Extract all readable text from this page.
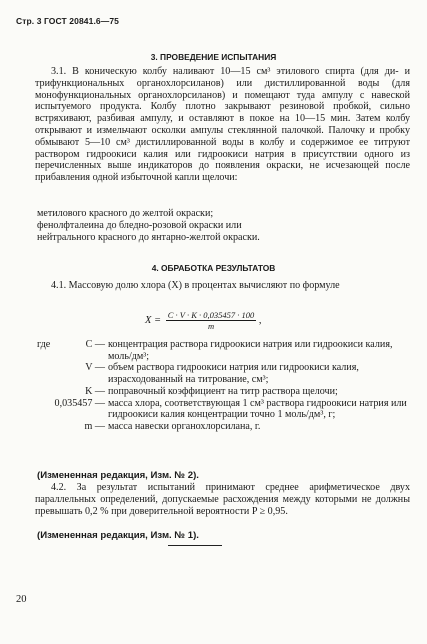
Стр. 3 ГОСТ 20841.6—75
3. ПРОВЕДЕНИЕ ИСПЫТАНИЯ
3.1. В коническую колбу наливают 10—15 см³ этилового спирта (для ди- и трифункциональных органохлорсиланов) или дистиллированной воды (для монофункциональных органохлорсиланов) и помещают туда ампулу с навеской испытуемого продукта. Колбу плотно закрывают резиновой пробкой, сильно встряхивают, разбивая ампулу, и оставляют в покое на 10—15 мин. Затем колбу открывают и измельчают осколки ампулы стеклянной палочкой. Палочку и пробку обмывают 5—10 см³ дистиллированной воды в колбу и содержимое ее титруют раствором гидроокиси калия или гидроокиси натрия в присутствии одного из перечисленных выше индикаторов до появления окраски, не исчезающей после прибавления одной избыточной капли щелочи:
метилового красного до желтой окраски;
фенолфталеина до бледно-розовой окраски или
нейтрального красного до янтарно-желтой окраски.
4. ОБРАБОТКА РЕЗУЛЬТАТОВ
4.1. Массовую долю хлора (X) в процентах вычисляют по формуле
$X = \frac{C \cdot V \cdot K \cdot 0,035457 \cdot 100}{m}$ ,
где	C — концентрация раствора гидроокиси натрия или гидроокиси калия, моль/дм³;
V — объем раствора гидроокиси натрия или гидроокиси калия, израсходованный на титрование, см³;
K — поправочный коэффициент на титр раствора щелочи;
0,035457 — масса хлора, соответствующая 1 см³ раствора гидроокиси натрия или гидроокиси калия концентрации точно 1 моль/дм³, г;
m — масса навески органохлорсилана, г.
(Измененная редакция, Изм. № 2).
4.2. За результат испытаний принимают среднее арифметическое двух параллельных определений, допускаемые расхождения между которыми не должны превышать 0,2 % при доверительной вероятности P ≥ 0,95.
(Измененная редакция, Изм. № 1).
20
